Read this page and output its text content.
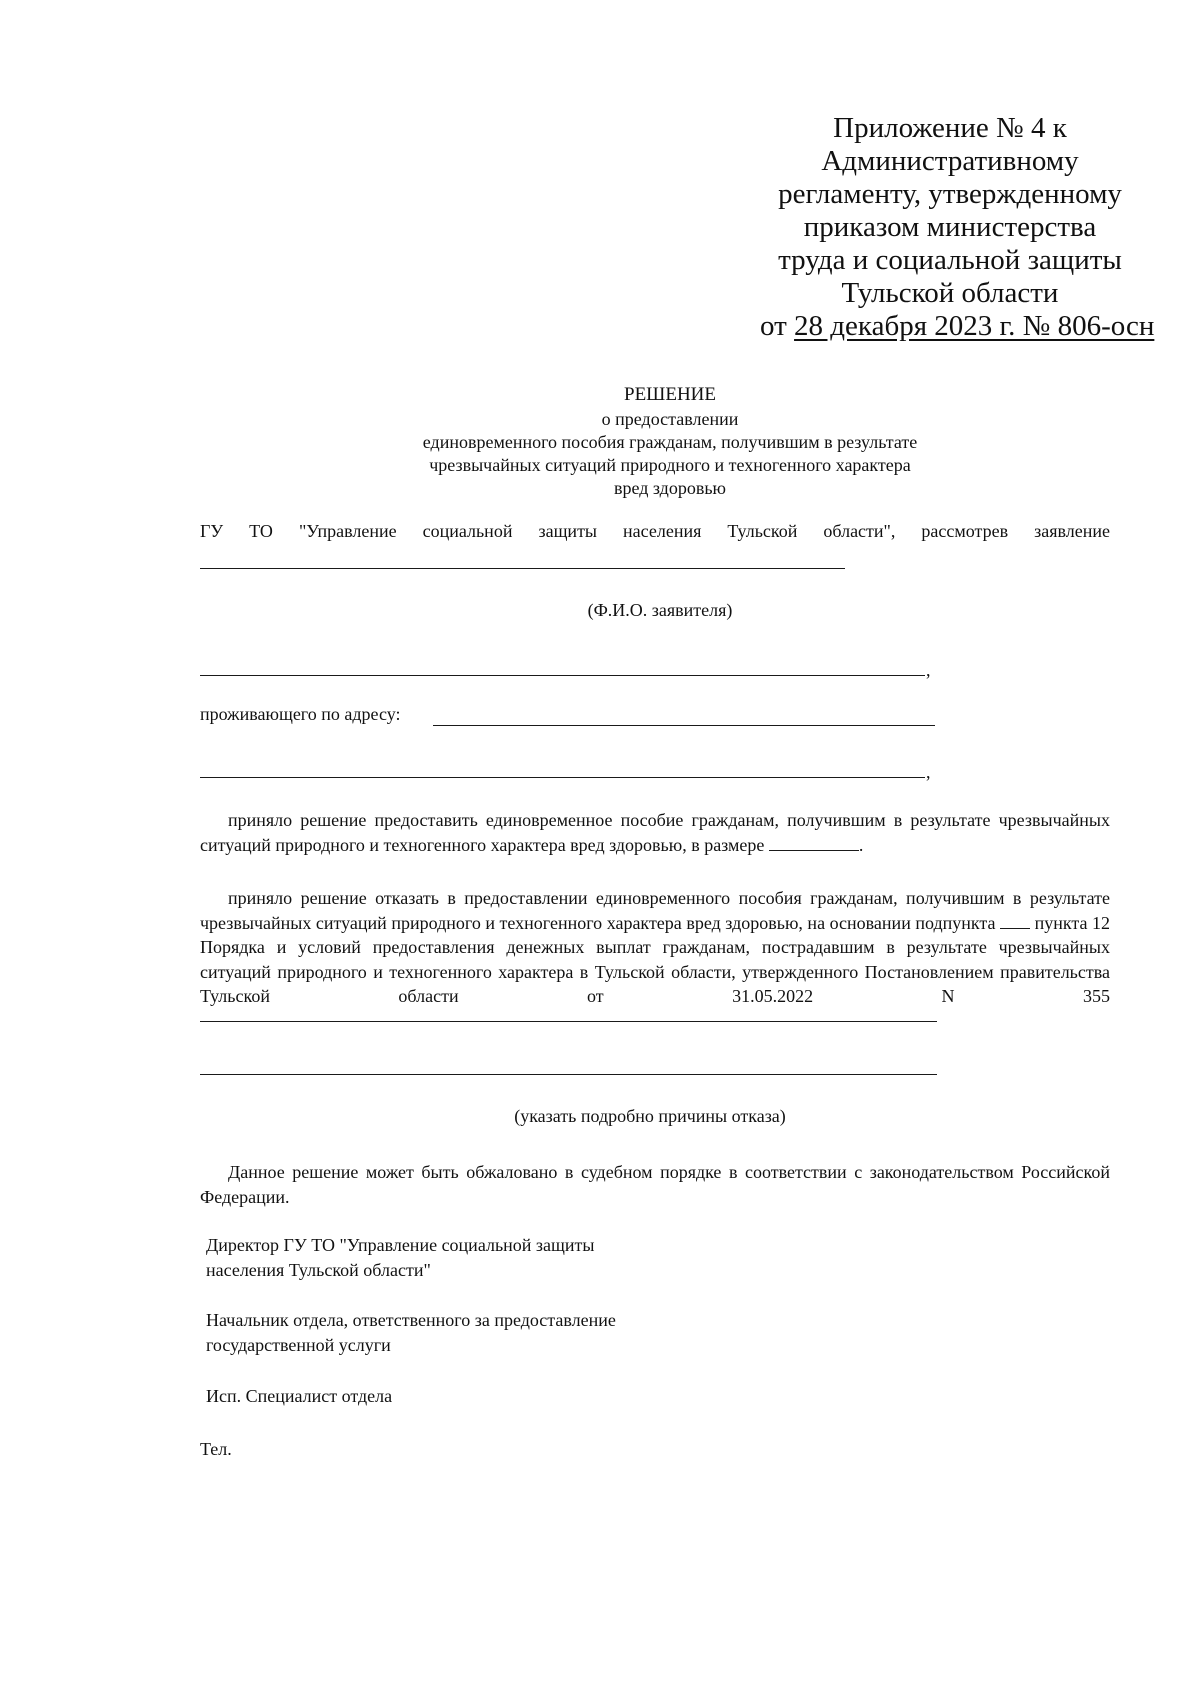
Приложение № 4 к
Административному
регламенту, утвержденному
приказом министерства
труда и социальной защиты
Тульской области
от 28 декабря 2023 г. № 806-осн
РЕШЕНИЕ
о предоставлении
единовременного пособия гражданам, получившим в результате
чрезвычайных ситуаций природного и техногенного характера
вред здоровью
ГУ ТО "Управление социальной защиты населения Тульской области", рассмотрев заявление
(Ф.И.О. заявителя)
,
проживающего по адресу:
,
приняло решение предоставить единовременное пособие гражданам, получившим в результате чрезвычайных ситуаций природного и техногенного характера вред здоровью, в размере	.
приняло решение отказать в предоставлении единовременного пособия гражданам, получившим в результате чрезвычайных ситуаций природного и техногенного характера вред здоровью, на основании подпункта пункта 12 Порядка и условий предоставления денежных выплат гражданам, пострадавшим в результате чрезвычайных ситуаций природного и техногенного характера в Тульской области, утвержденного Постановлением правительства Тульской области от 31.05.2022 N 355
(указать подробно причины отказа)
Данное решение может быть обжаловано в судебном порядке в соответствии с законодательством Российской Федерации.
Директор ГУ ТО "Управление социальной защиты
населения Тульской области"
Начальник отдела, ответственного за предоставление
государственной услуги
Исп. Специалист отдела
Тел.
